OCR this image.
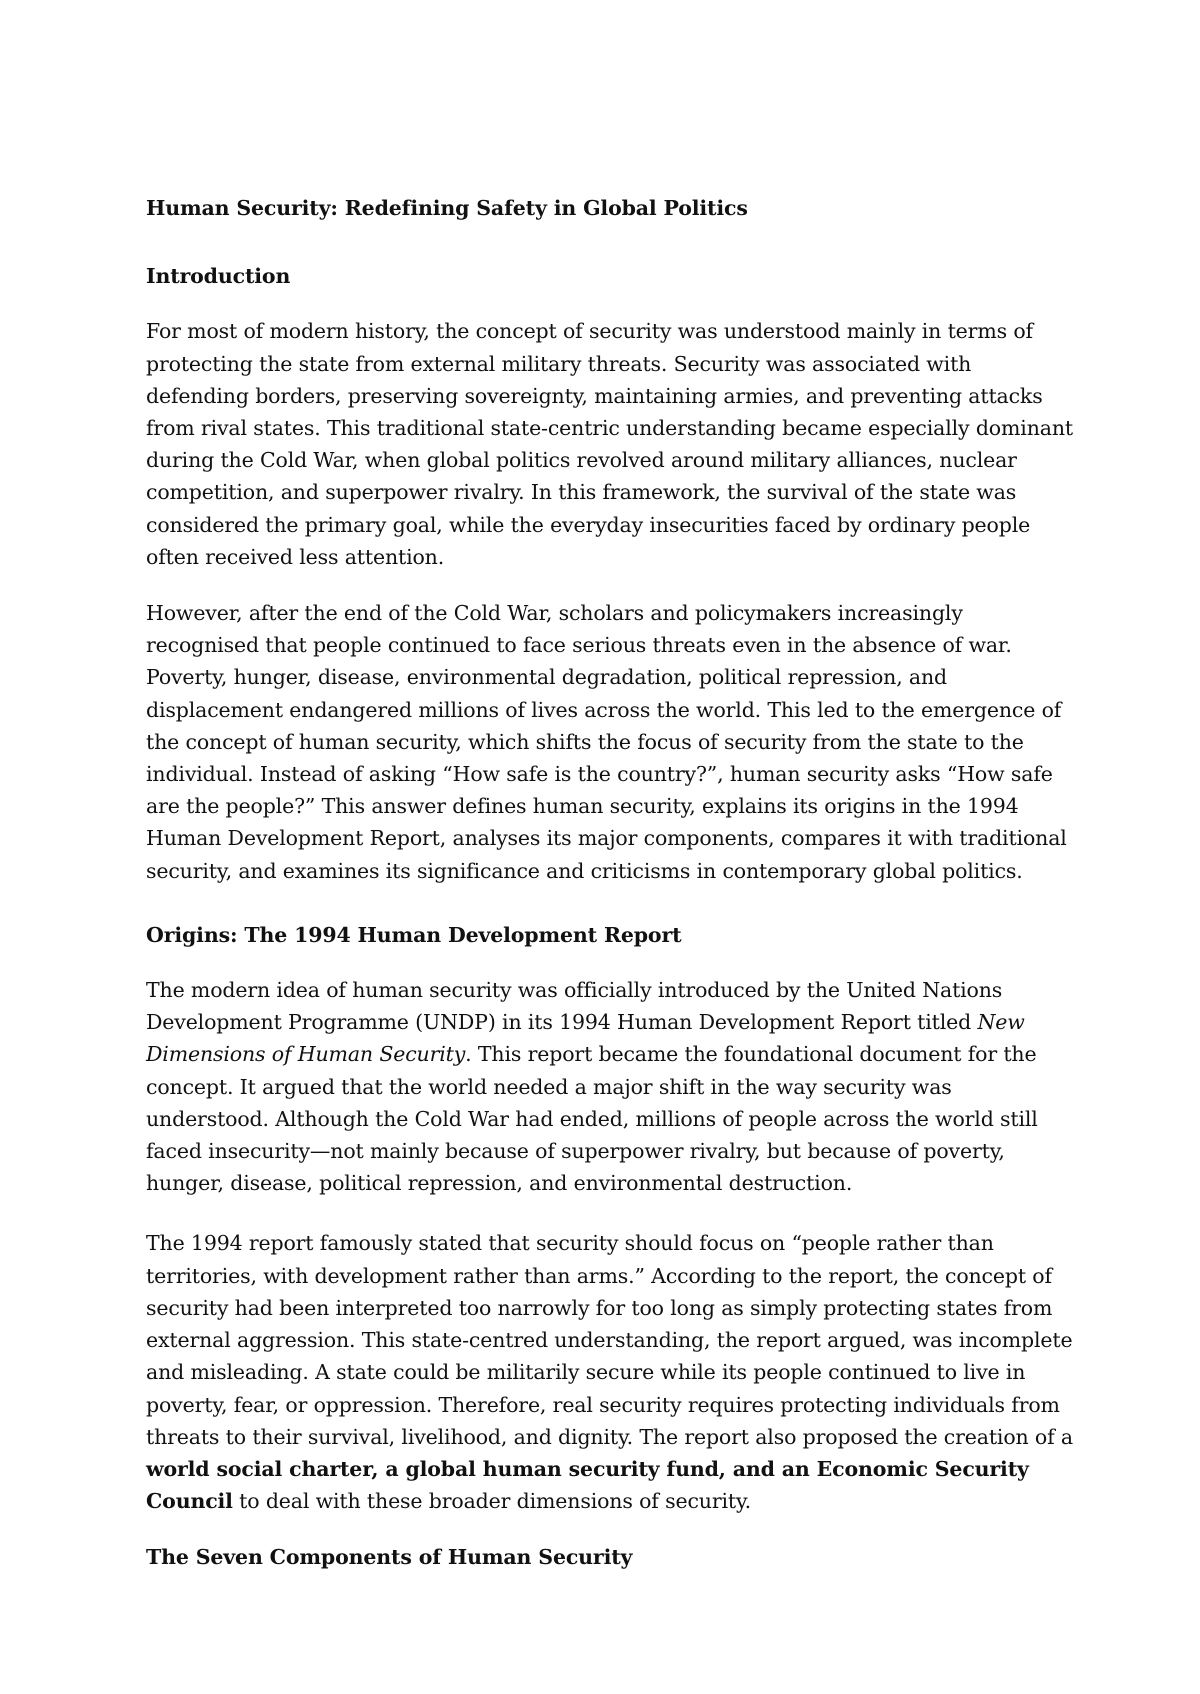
Human Security: Redefining Safety in Global Politics
Introduction

For most of modern history, the concept of security was understood mainly in terms of protecting the state from external military threats. Security was associated with defending borders, preserving sovereignty, maintaining armies, and preventing attacks from rival states. This traditional state-centric understanding became especially dominant during the Cold War, when global politics revolved around military alliances, nuclear competition, and superpower rivalry. In this framework, the survival of the state was considered the primary goal, while the everyday insecurities faced by ordinary people often received less attention.

However, after the end of the Cold War, scholars and policymakers increasingly recognised that people continued to face serious threats even in the absence of war. Poverty, hunger, disease, environmental degradation, political repression, and displacement endangered millions of lives across the world. This led to the emergence of the concept of human security, which shifts the focus of security from the state to the individual. Instead of asking “How safe is the country?”, human security asks “How safe are the people?” This answer defines human security, explains its origins in the 1994 Human Development Report, analyses its major components, compares it with traditional security, and examines its significance and criticisms in contemporary global politics.

Origins: The 1994 Human Development Report

The modern idea of human security was officially introduced by the United Nations Development Programme (UNDP) in its 1994 Human Development Report titled New Dimensions of Human Security. This report became the foundational document for the concept. It argued that the world needed a major shift in the way security was understood. Although the Cold War had ended, millions of people across the world still faced insecurity—not mainly because of superpower rivalry, but because of poverty, hunger, disease, political repression, and environmental destruction.

The 1994 report famously stated that security should focus on “people rather than territories, with development rather than arms.” According to the report, the concept of security had been interpreted too narrowly for too long as simply protecting states from external aggression. This state-centred understanding, the report argued, was incomplete and misleading. A state could be militarily secure while its people continued to live in poverty, fear, or oppression. Therefore, real security requires protecting individuals from threats to their survival, livelihood, and dignity. The report also proposed the creation of a world social charter, a global human security fund, and an Economic Security Council to deal with these broader dimensions of security.

The Seven Components of Human Security
